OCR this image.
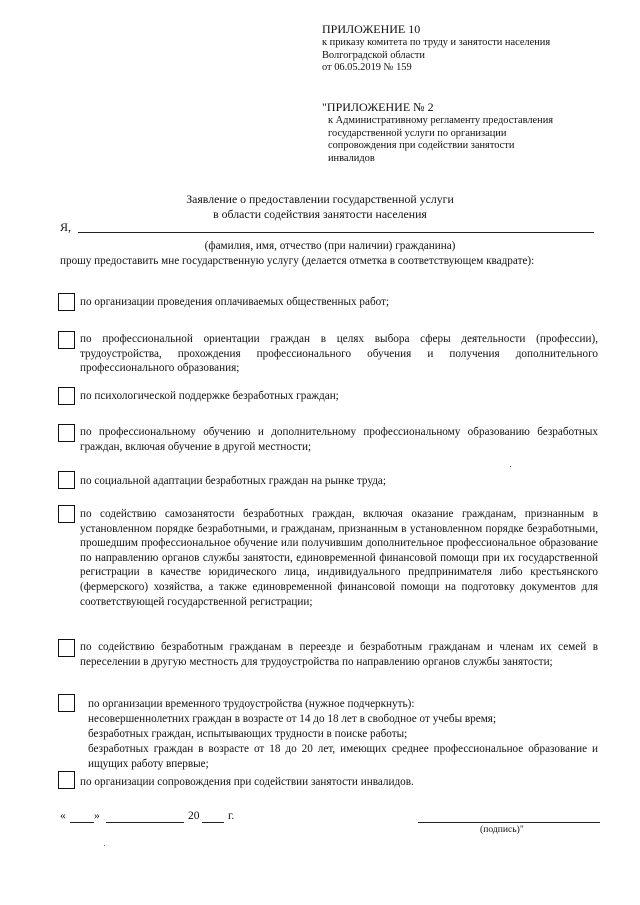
ПРИЛОЖЕНИЕ 10
к приказу комитета по труду и занятости населения
Волгоградской области
от 06.05.2019 № 159
"ПРИЛОЖЕНИЕ № 2
к Административному регламенту предоставления
государственной услуги по организации
сопровождения при содействии занятости
инвалидов
Заявление о предоставлении государственной услуги
в области содействия занятости населения
Я,
(фамилия, имя, отчество (при наличии) гражданина)
прошу предоставить мне государственную услугу (делается отметка в соответствующем квадрате):
по организации проведения оплачиваемых общественных работ;
по профессиональной ориентации граждан в целях выбора сферы деятельности (профессии), трудоустройства, прохождения профессионального обучения и получения дополнительного профессионального образования;
по психологической поддержке безработных граждан;
по профессиональному обучению и дополнительному профессиональному образованию безработных граждан, включая обучение в другой местности;
по социальной адаптации безработных граждан на рынке труда;
по содействию самозанятости безработных граждан, включая оказание гражданам, признанным в установленном порядке безработными, и гражданам, признанным в установленном порядке безработными, прошедшим профессиональное обучение или получившим дополнительное профессиональное образование по направлению органов службы занятости, единовременной финансовой помощи при их государственной регистрации в качестве юридического лица, индивидуального предпринимателя либо крестьянского (фермерского) хозяйства, а также единовременной финансовой помощи на подготовку документов для соответствующей государственной регистрации;
по содействию безработным гражданам в переезде и безработным гражданам и членам их семей в переселении в другую местность для трудоустройства по направлению органов службы занятости;
по организации временного трудоустройства (нужное подчеркнуть):
несовершеннолетних граждан в возрасте от 14 до 18 лет в свободное от учебы время;
безработных граждан, испытывающих трудности в поиске работы;
безработных граждан в возрасте от 18 до 20 лет, имеющих среднее профессиональное образование и ищущих работу впервые;
по организации сопровождения при содействии занятости инвалидов.
« »	20 г.
(подпись)"
